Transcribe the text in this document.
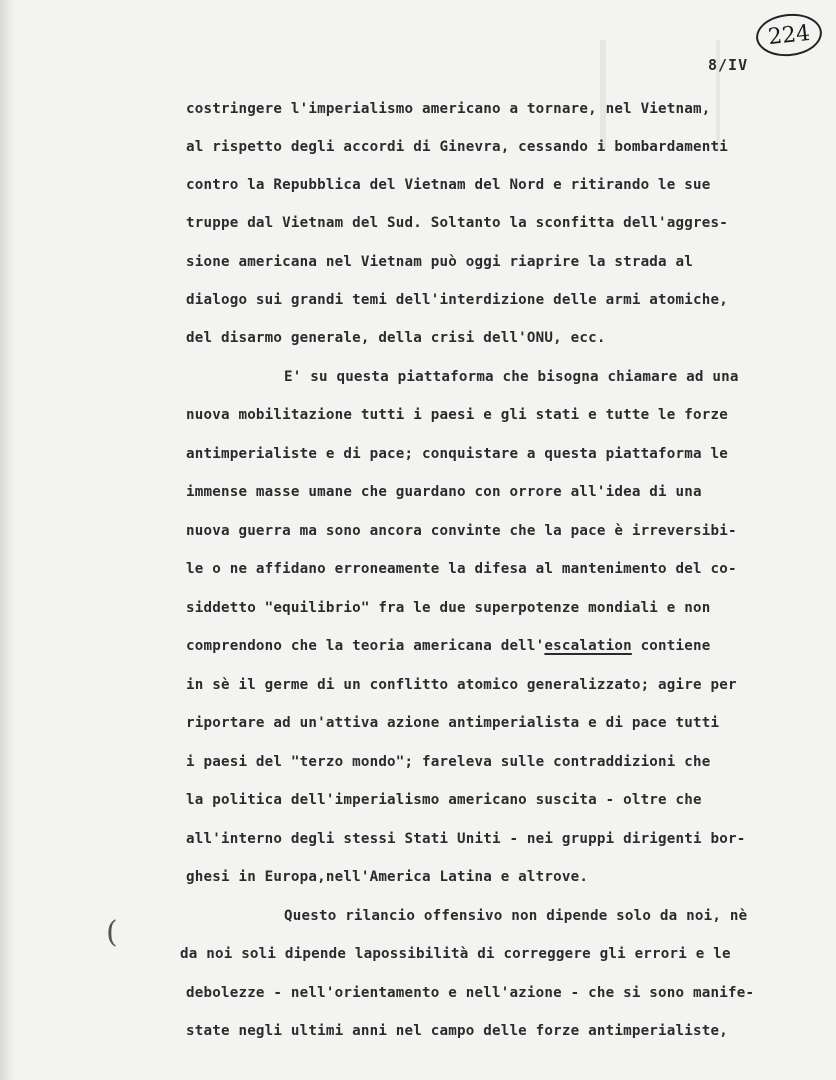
224
8/IV
costringere l'imperialismo americano a tornare, nel Vietnam,
al rispetto degli accordi di Ginevra, cessando i bombardamenti
contro la Repubblica del Vietnam del Nord e ritirando le sue
truppe dal Vietnam del Sud. Soltanto la sconfitta dell'aggres-
sione americana nel Vietnam può oggi riaprire la strada al
dialogo sui grandi temi dell'interdizione delle armi atomiche,
del disarmo generale, della crisi dell'ONU, ecc.
E' su questa piattaforma che bisogna chiamare ad una
nuova mobilitazione tutti i paesi e gli stati e tutte le forze
antimperialiste e di pace; conquistare a questa piattaforma le
immense masse umane che guardano con orrore all'idea di una
nuova guerra ma sono ancora convinte che la pace è irreversibi-
le o ne affidano erroneamente la difesa al mantenimento del co-
siddetto "equilibrio" fra le due superpotenze mondiali e non
comprendono che la teoria americana dell'escalation contiene
in sè il germe di un conflitto atomico generalizzato; agire per
riportare ad un'attiva azione antimperialista e di pace tutti
i paesi del "terzo mondo"; fareleva sulle contraddizioni che
la politica dell'imperialismo americano suscita - oltre che
all'interno degli stessi Stati Uniti - nei gruppi dirigenti bor-
ghesi in Europa,nell'America Latina e altrove.
Questo rilancio offensivo non dipende solo da noi, nè
da noi soli dipende lapossibilità di correggere gli errori e le
debolezze - nell'orientamento e nell'azione - che si sono manife-
state negli ultimi anni nel campo delle forze antimperialiste,
(
